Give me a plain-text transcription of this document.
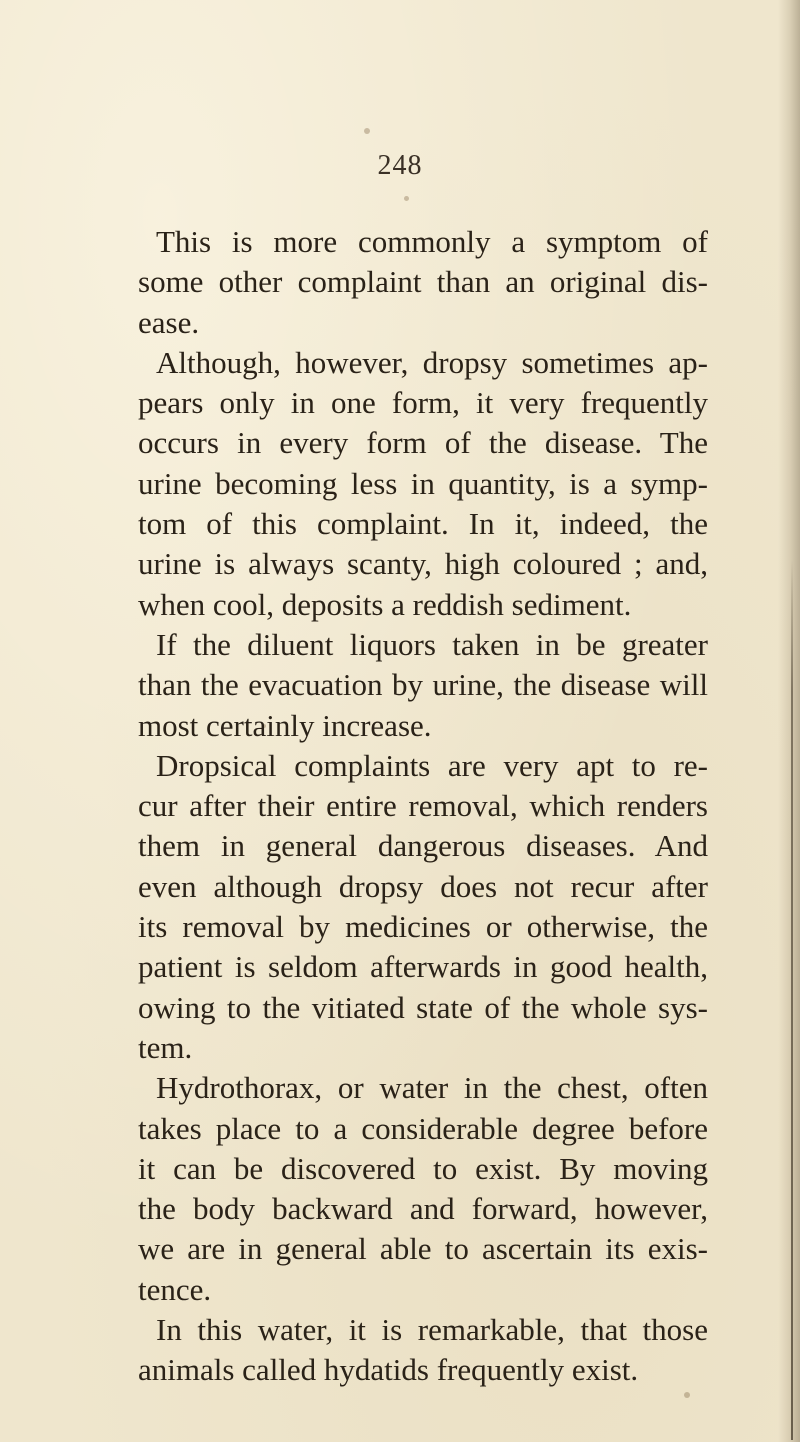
248
This is more commonly a symptom of
some other complaint than an original dis-
ease.
Although, however, dropsy sometimes ap-
pears only in one form, it very frequently
occurs in every form of the disease. The
urine becoming less in quantity, is a symp-
tom of this complaint. In it, indeed, the
urine is always scanty, high coloured ; and,
when cool, deposits a reddish sediment.
If the diluent liquors taken in be greater
than the evacuation by urine, the disease will
most certainly increase.
Dropsical complaints are very apt to re-
cur after their entire removal, which renders
them in general dangerous diseases. And
even although dropsy does not recur after
its removal by medicines or otherwise, the
patient is seldom afterwards in good health,
owing to the vitiated state of the whole sys-
tem.
Hydrothorax, or water in the chest, often
takes place to a considerable degree before
it can be discovered to exist. By moving
the body backward and forward, however,
we are in general able to ascertain its exis-
tence.
In this water, it is remarkable, that those
animals called hydatids frequently exist.
